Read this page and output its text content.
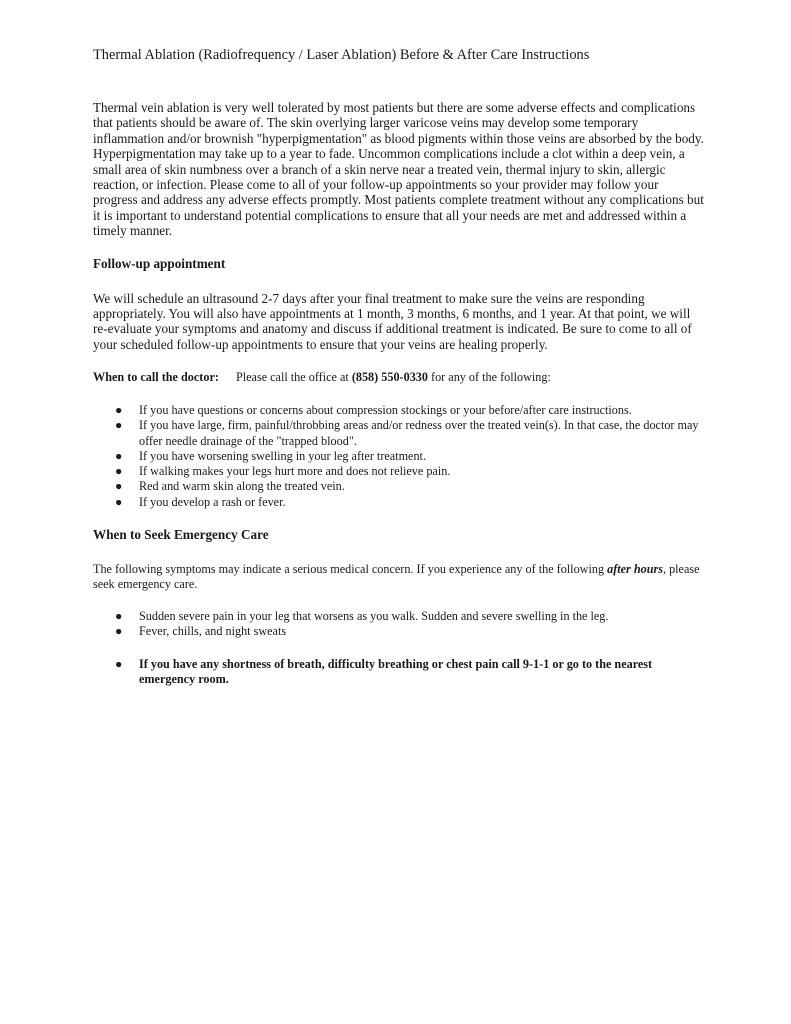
Thermal Ablation (Radiofrequency / Laser Ablation) Before & After Care Instructions

Thermal vein ablation is very well tolerated by most patients but there are some adverse effects and complications that patients should be aware of. The skin overlying larger varicose veins may develop some temporary inflammation and/or brownish "hyperpigmentation" as blood pigments within those veins are absorbed by the body. Hyperpigmentation may take up to a year to fade. Uncommon complications include a clot within a deep vein, a small area of skin numbness over a branch of a skin nerve near a treated vein, thermal injury to skin, allergic reaction, or infection. Please come to all of your follow-up appointments so your provider may follow your progress and address any adverse effects promptly. Most patients complete treatment without any complications but it is important to understand potential complications to ensure that all your needs are met and addressed within a timely manner.

Follow-up appointment

We will schedule an ultrasound 2-7 days after your final treatment to make sure the veins are responding appropriately. You will also have appointments at 1 month, 3 months, 6 months, and 1 year. At that point, we will re-evaluate your symptoms and anatomy and discuss if additional treatment is indicated. Be sure to come to all of your scheduled follow-up appointments to ensure that your veins are healing properly.

When to call the doctor: Please call the office at (858) 550-0330 for any of the following:

● If you have questions or concerns about compression stockings or your before/after care instructions.
● If you have large, firm, painful/throbbing areas and/or redness over the treated vein(s). In that case, the doctor may offer needle drainage of the "trapped blood".
● If you have worsening swelling in your leg after treatment.
● If walking makes your legs hurt more and does not relieve pain.
● Red and warm skin along the treated vein.
● If you develop a rash or fever.
When to Seek Emergency Care

The following symptoms may indicate a serious medical concern. If you experience any of the following after hours, please seek emergency care.

● Sudden severe pain in your leg that worsens as you walk. Sudden and severe swelling in the leg.
● Fever, chills, and night sweats
● If you have any shortness of breath, difficulty breathing or chest pain call 9-1-1 or go to the nearest emergency room.
